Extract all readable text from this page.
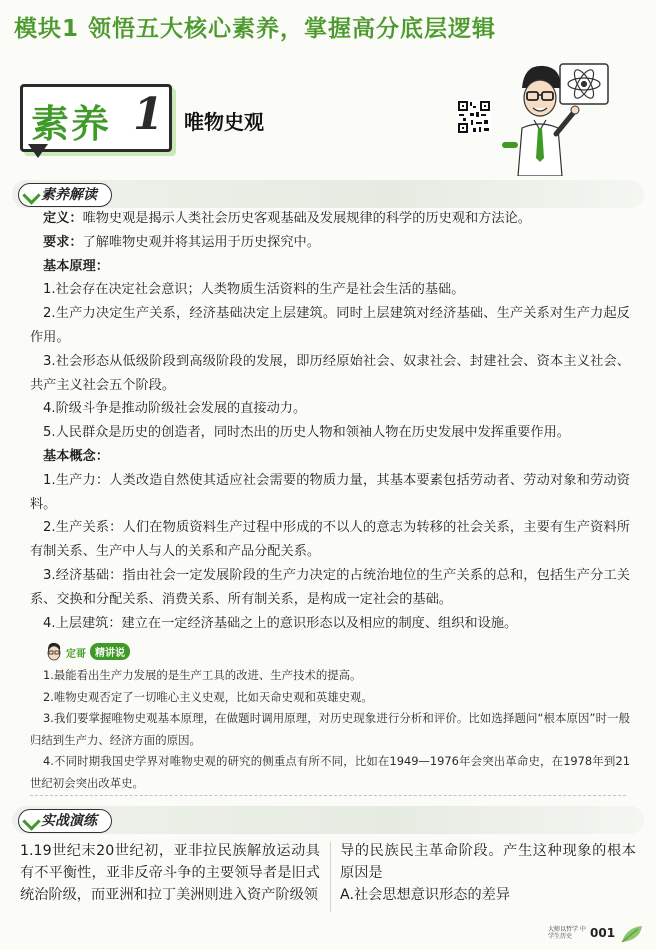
模块1 领悟五大核心素养，掌握高分底层逻辑
素养 1 唯物史观
素养解读

定义：唯物史观是揭示人类社会历史客观基础及发展规律的科学的历史观和方法论。

要求：了解唯物史观并将其运用于历史探究中。

基本原理：

1.社会存在决定社会意识；人类物质生活资料的生产是社会生活的基础。

2.生产力决定生产关系，经济基础决定上层建筑。同时上层建筑对经济基础、生产关系对生产力起反作用。

3.社会形态从低级阶段到高级阶段的发展，即历经原始社会、奴隶社会、封建社会、资本主义社会、共产主义社会五个阶段。

4.阶级斗争是推动阶级社会发展的直接动力。

5.人民群众是历史的创造者，同时杰出的历史人物和领袖人物在历史发展中发挥重要作用。

基本概念：

1.生产力：人类改造自然使其适应社会需要的物质力量，其基本要素包括劳动者、劳动对象和劳动资料。

2.生产关系：人们在物质资料生产过程中形成的不以人的意志为转移的社会关系，主要有生产资料所有制关系、生产中人与人的关系和产品分配关系。

3.经济基础：指由社会一定发展阶段的生产力决定的占统治地位的生产关系的总和，包括生产分工关系、交换和分配关系、消费关系、所有制关系，是构成一定社会的基础。

4.上层建筑：建立在一定经济基础之上的意识形态以及相应的制度、组织和设施。

定哥 精讲说

1.最能看出生产力发展的是生产工具的改进、生产技术的提高。

2.唯物史观否定了一切唯心主义史观，比如天命史观和英雄史观。

3.我们要掌握唯物史观基本原理，在做题时调用原理，对历史现象进行分析和评价。比如选择题问“根本原因”时一般归结到生产力、经济方面的原因。

4.不同时期我国史学界对唯物史观的研究的侧重点有所不同，比如在1949—1976年会突出革命史，在1978年到21世纪初会突出改革史。

实战演练

1.19世纪末20世纪初，亚非拉民族解放运动具有不平衡性，亚非反帝斗争的主要领导者是旧式统治阶级，而亚洲和拉丁美洲则进入资产阶级领

导的民族民主革命阶段。产生这种现象的根本原因是

A.社会思想意识形态的差异

大师以哲学 中学生历史	001
